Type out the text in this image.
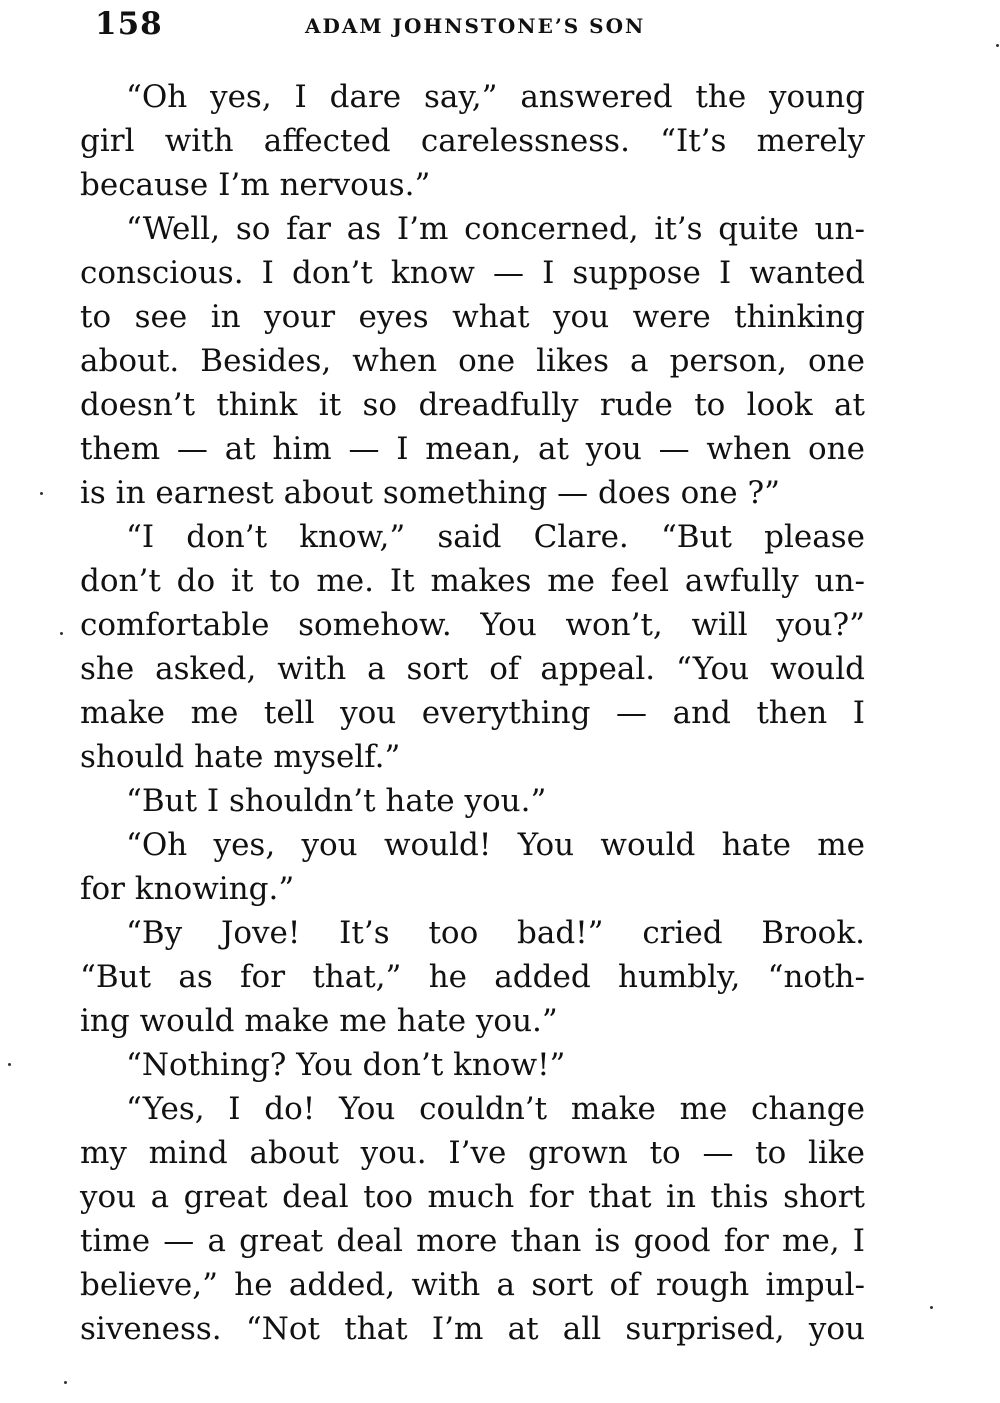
158	ADAM JOHNSTONE’S SON
“Oh yes, I dare say,” answered the young
girl with affected carelessness. “It’s merely
because I’m nervous.”
“Well, so far as I’m concerned, it’s quite un-
conscious. I don’t know — I suppose I wanted
to see in your eyes what you were thinking
about. Besides, when one likes a person, one
doesn’t think it so dreadfully rude to look at
them — at him — I mean, at you — when one
is in earnest about something — does one ?”
“I don’t know,” said Clare. “But please
don’t do it to me. It makes me feel awfully un-
comfortable somehow. You won’t, will you?”
she asked, with a sort of appeal. “You would
make me tell you everything — and then I
should hate myself.”
“But I shouldn’t hate you.”
“Oh yes, you would! You would hate me
for knowing.”
“By Jove! It’s too bad!” cried Brook.
“But as for that,” he added humbly, “noth-
ing would make me hate you.”
“Nothing? You don’t know!”
“Yes, I do! You couldn’t make me change
my mind about you. I’ve grown to — to like
you a great deal too much for that in this short
time — a great deal more than is good for me, I
believe,” he added, with a sort of rough impul-
siveness. “Not that I’m at all surprised, you
